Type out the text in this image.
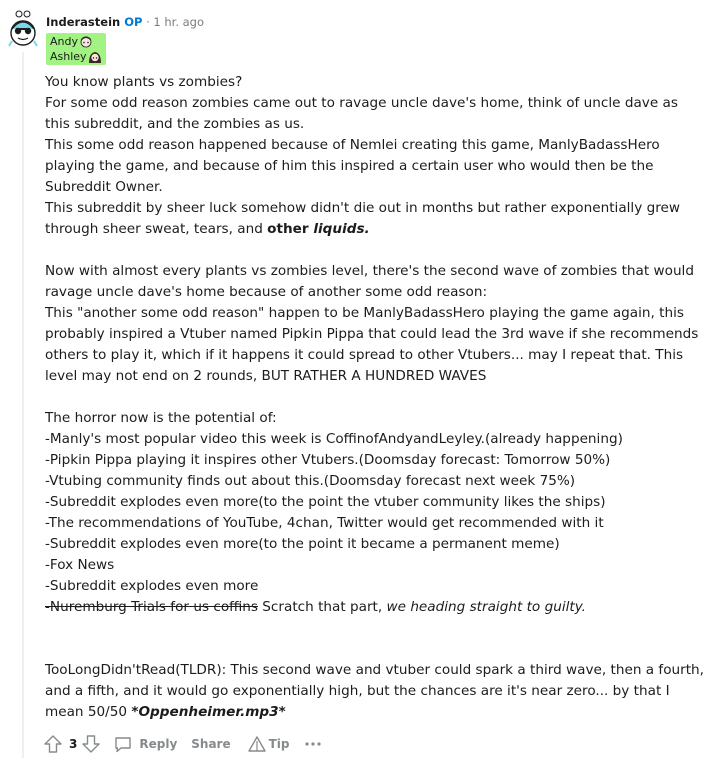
Inderastein OP · 1 hr. ago
Andy
Ashley

You know plants vs zombies?

For some odd reason zombies came out to ravage uncle dave's home, think of uncle dave as this subreddit, and the zombies as us.

This some odd reason happened because of Nemlei creating this game, ManlyBadassHero playing the game, and because of him this inspired a certain user who would then be the Subreddit Owner.

This subreddit by sheer luck somehow didn't die out in months but rather exponentially grew through sheer sweat, tears, and other liquids.

Now with almost every plants vs zombies level, there's the second wave of zombies that would ravage uncle dave's home because of another some odd reason:

This "another some odd reason" happen to be ManlyBadassHero playing the game again, this probably inspired a Vtuber named Pipkin Pippa that could lead the 3rd wave if she recommends others to play it, which if it happens it could spread to other Vtubers... may I repeat that. This level may not end on 2 rounds, BUT RATHER A HUNDRED WAVES

The horror now is the potential of:

-Manly's most popular video this week is CoffinofAndyandLeyley.(already happening)

-Pipkin Pippa playing it inspires other Vtubers.(Doomsday forecast: Tomorrow 50%)

-Vtubing community finds out about this.(Doomsday forecast next week 75%)

-Subreddit explodes even more(to the point the vtuber community likes the ships)

-The recommendations of YouTube, 4chan, Twitter would get recommended with it

-Subreddit explodes even more(to the point it became a permanent meme)

-Fox News

-Subreddit explodes even more

-Nuremburg Trials for us coffins Scratch that part, we heading straight to guilty.

TooLongDidn'tRead(TLDR): This second wave and vtuber could spark a third wave, then a fourth, and a fifth, and it would go exponentially high, but the chances are it's near zero... by that I mean 50/50 *Oppenheimer.mp3*

3	Reply Share	Tip
